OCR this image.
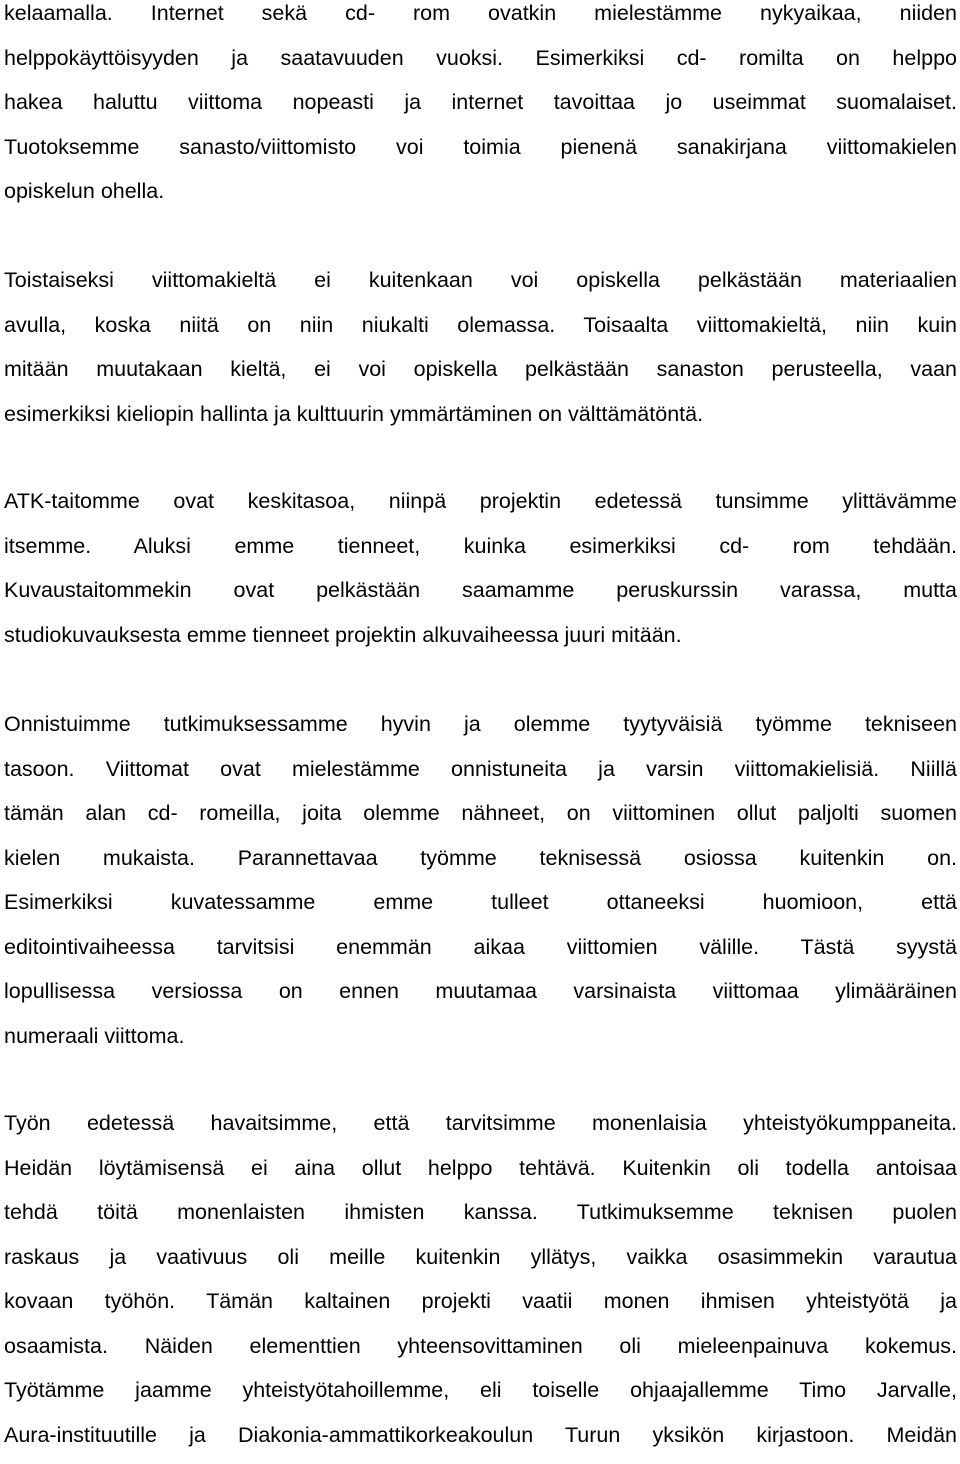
kelaamalla. Internet sekä cd- rom ovatkin mielestämme nykyaikaa, niiden
helppokäyttöisyyden ja saatavuuden vuoksi. Esimerkiksi cd- romilta on helppo
hakea haluttu viittoma nopeasti ja internet tavoittaa jo useimmat suomalaiset.
Tuotoksemme sanasto/viittomisto voi toimia pienenä sanakirjana viittomakielen
opiskelun ohella.

Toistaiseksi viittomakieltä ei kuitenkaan voi opiskella pelkästään materiaalien
avulla, koska niitä on niin niukalti olemassa. Toisaalta viittomakieltä, niin kuin
mitään muutakaan kieltä, ei voi opiskella pelkästään sanaston perusteella, vaan
esimerkiksi kieliopin hallinta ja kulttuurin ymmärtäminen on välttämätöntä.

ATK-taitomme ovat keskitasoa, niinpä projektin edetessä tunsimme ylittävämme
itsemme. Aluksi emme tienneet, kuinka esimerkiksi cd- rom tehdään.
Kuvaustaitommekin ovat pelkästään saamamme peruskurssin varassa, mutta
studiokuvauksesta emme tienneet projektin alkuvaiheessa juuri mitään.

Onnistuimme tutkimuksessamme hyvin ja olemme tyytyväisiä työmme tekniseen
tasoon. Viittomat ovat mielestämme onnistuneita ja varsin viittomakielisiä. Niillä
tämän alan cd- romeilla, joita olemme nähneet, on viittominen ollut paljolti suomen
kielen mukaista. Parannettavaa työmme teknisessä osiossa kuitenkin on.
Esimerkiksi kuvatessamme emme tulleet ottaneeksi huomioon, että
editointivaiheessa tarvitsisi enemmän aikaa viittomien välille. Tästä syystä
lopullisessa versiossa on ennen muutamaa varsinaista viittomaa ylimääräinen
numeraali viittoma.

Työn edetessä havaitsimme, että tarvitsimme monenlaisia yhteistyökumppaneita.
Heidän löytämisensä ei aina ollut helppo tehtävä. Kuitenkin oli todella antoisaa
tehdä töitä monenlaisten ihmisten kanssa. Tutkimuksemme teknisen puolen
raskaus ja vaativuus oli meille kuitenkin yllätys, vaikka osasimmekin varautua
kovaan työhön. Tämän kaltainen projekti vaatii monen ihmisen yhteistyötä ja
osaamista. Näiden elementtien yhteensovittaminen oli mieleenpainuva kokemus.
Työtämme jaamme yhteistyötahoillemme, eli toiselle ohjaajallemme Timo Jarvalle,
Aura-instituutille ja Diakonia-ammattikorkeakoulun Turun yksikön kirjastoon. Meidän
